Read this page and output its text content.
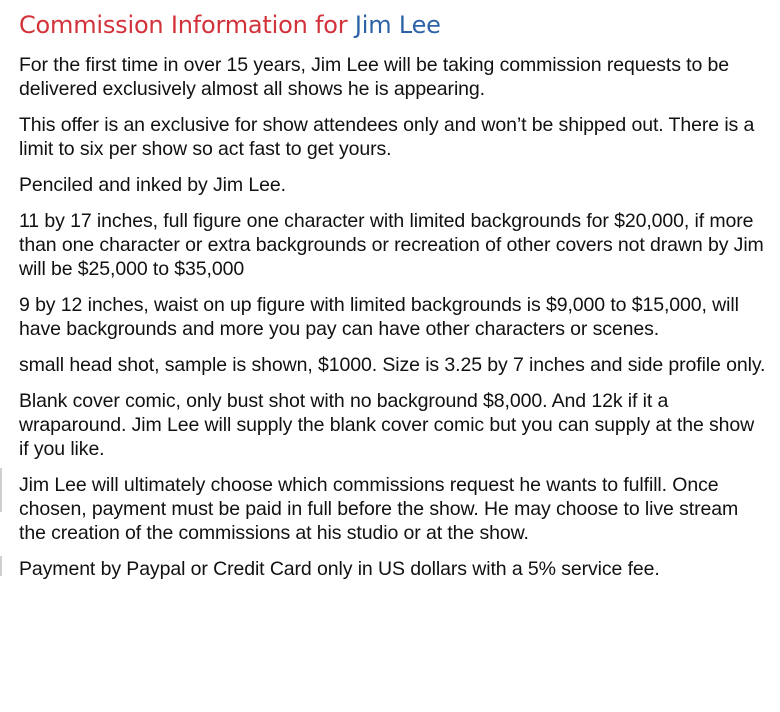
Commission Information for Jim Lee

For the first time in over 15 years, Jim Lee will be taking commission requests to be delivered exclusively almost all shows he is appearing.

This offer is an exclusive for show attendees only and won’t be shipped out. There is a limit to six per show so act fast to get yours.

Penciled and inked by Jim Lee.

11 by 17 inches, full figure one character with limited backgrounds for $20,000, if more than one character or extra backgrounds or recreation of other covers not drawn by Jim will be $25,000 to $35,000

9 by 12 inches, waist on up figure with limited backgrounds is $9,000 to $15,000, will have backgrounds and more you pay can have other characters or scenes.

small head shot, sample is shown, $1000. Size is 3.25 by 7 inches and side profile only.

Blank cover comic, only bust shot with no background $8,000. And 12k if it a wraparound. Jim Lee will supply the blank cover comic but you can supply at the show if you like.

Jim Lee will ultimately choose which commissions request he wants to fulfill. Once chosen, payment must be paid in full before the show. He may choose to live stream the creation of the commissions at his studio or at the show.

Payment by Paypal or Credit Card only in US dollars with a 5% service fee.
